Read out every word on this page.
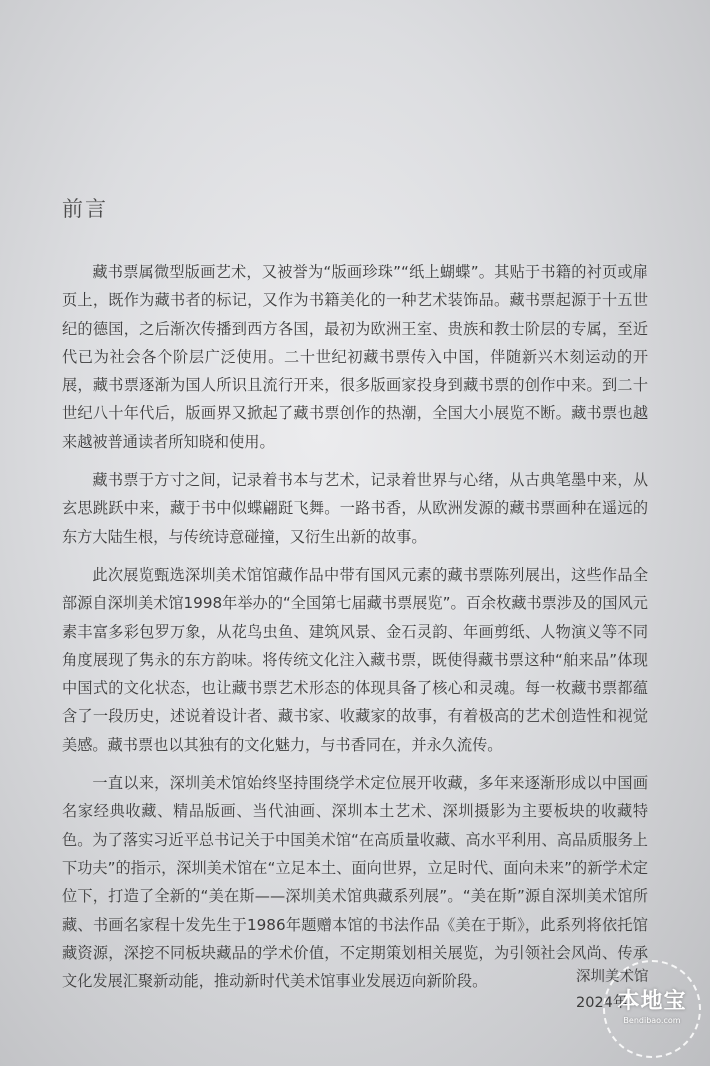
前言

藏书票属微型版画艺术，又被誉为“版画珍珠”“纸上蝴蝶”。其贴于书籍的衬页或扉页上，既作为藏书者的标记，又作为书籍美化的一种艺术装饰品。藏书票起源于十五世纪的德国，之后渐次传播到西方各国，最初为欧洲王室、贵族和教士阶层的专属，至近代已为社会各个阶层广泛使用。二十世纪初藏书票传入中国，伴随新兴木刻运动的开展，藏书票逐渐为国人所识且流行开来，很多版画家投身到藏书票的创作中来。到二十世纪八十年代后，版画界又掀起了藏书票创作的热潮，全国大小展览不断。藏书票也越来越被普通读者所知晓和使用。

藏书票于方寸之间，记录着书本与艺术，记录着世界与心绪，从古典笔墨中来，从玄思跳跃中来，藏于书中似蝶翩跹飞舞。一路书香，从欧洲发源的藏书票画种在遥远的东方大陆生根，与传统诗意碰撞，又衍生出新的故事。

此次展览甄选深圳美术馆馆藏作品中带有国风元素的藏书票陈列展出，这些作品全部源自深圳美术馆1998年举办的“全国第七届藏书票展览”。百余枚藏书票涉及的国风元素丰富多彩包罗万象，从花鸟虫鱼、建筑风景、金石灵韵、年画剪纸、人物演义等不同角度展现了隽永的东方韵味。将传统文化注入藏书票，既使得藏书票这种“舶来品”体现中国式的文化状态，也让藏书票艺术形态的体现具备了核心和灵魂。每一枚藏书票都蕴含了一段历史，述说着设计者、藏书家、收藏家的故事，有着极高的艺术创造性和视觉美感。藏书票也以其独有的文化魅力，与书香同在，并永久流传。

一直以来，深圳美术馆始终坚持围绕学术定位展开收藏，多年来逐渐形成以中国画名家经典收藏、精品版画、当代油画、深圳本土艺术、深圳摄影为主要板块的收藏特色。为了落实习近平总书记关于中国美术馆“在高质量收藏、高水平利用、高品质服务上下功夫”的指示，深圳美术馆在“立足本土、面向世界，立足时代、面向未来”的新学术定位下，打造了全新的“美在斯——深圳美术馆典藏系列展”。“美在斯”源自深圳美术馆所藏、书画名家程十发先生于1986年题赠本馆的书法作品《美在于斯》，此系列将依托馆藏资源，深挖不同板块藏品的学术价值，不定期策划相关展览，为引领社会风尚、传承文化发展汇聚新动能，推动新时代美术馆事业发展迈向新阶段。	深圳美术馆
2024年
本地宝
Bendibao.com
